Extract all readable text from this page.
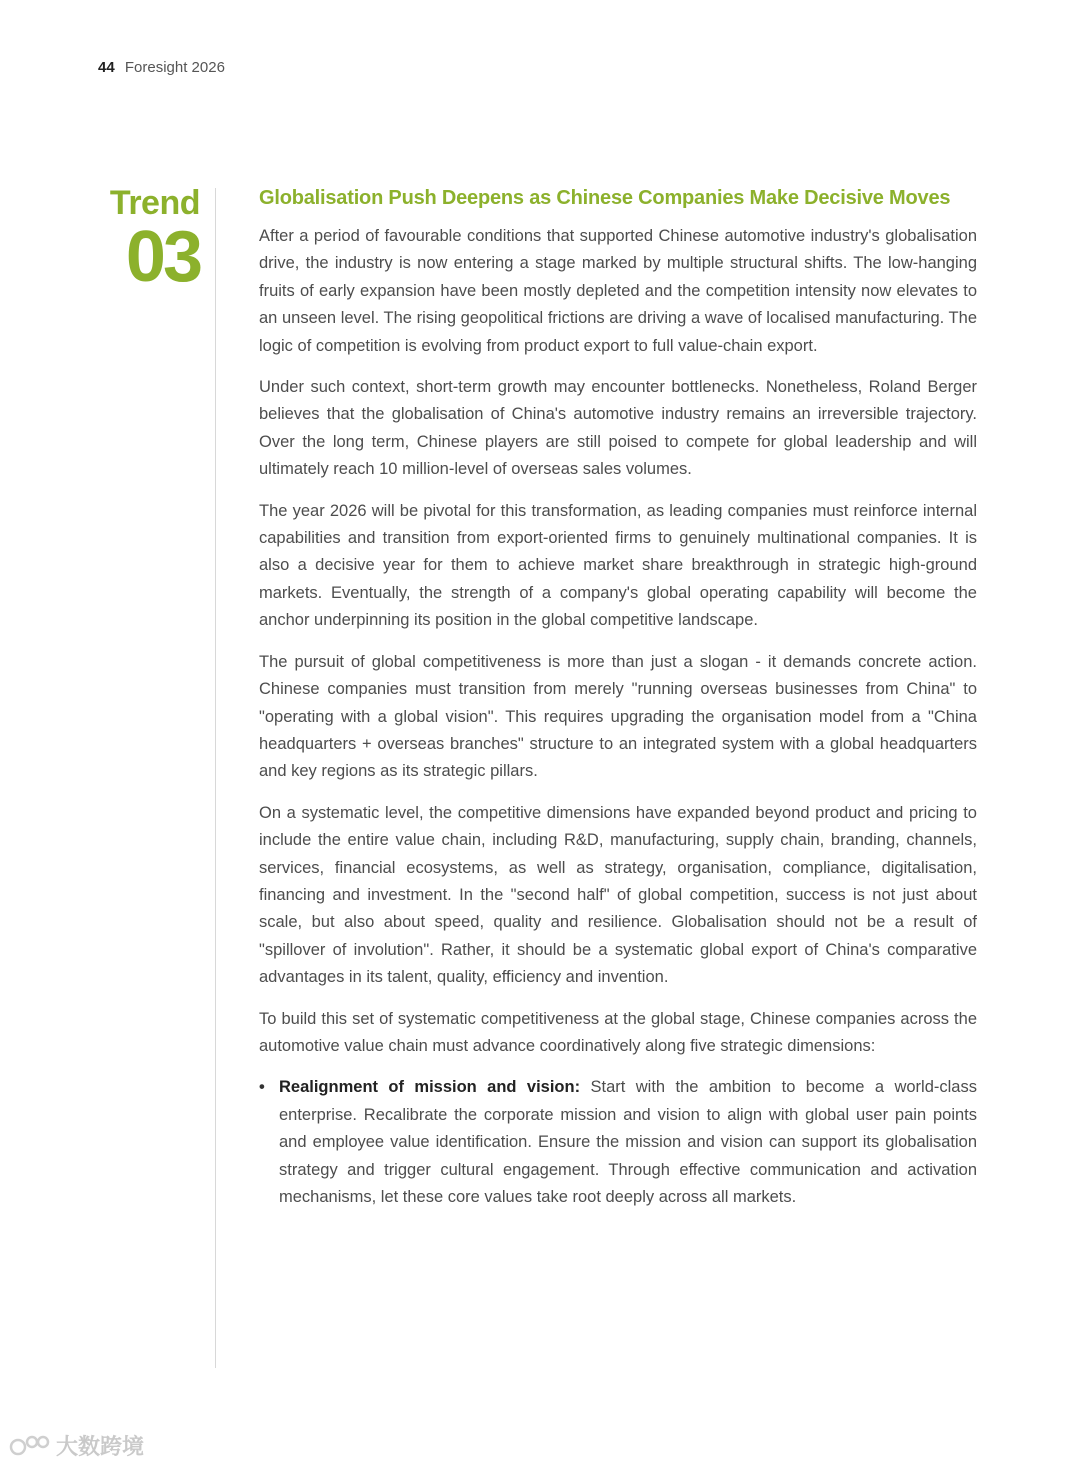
44 Foresight 2026
Trend
03
Globalisation Push Deepens as Chinese Companies Make Decisive Moves

After a period of favourable conditions that supported Chinese automotive industry's globalisation drive, the industry is now entering a stage marked by multiple structural shifts. The low-hanging fruits of early expansion have been mostly depleted and the competition intensity now elevates to an unseen level. The rising geopolitical frictions are driving a wave of localised manufacturing. The logic of competition is evolving from product export to full value-chain export.

Under such context, short-term growth may encounter bottlenecks. Nonetheless, Roland Berger believes that the globalisation of China's automotive industry remains an irreversible trajectory. Over the long term, Chinese players are still poised to compete for global leadership and will ultimately reach 10 million-level of overseas sales volumes.

The year 2026 will be pivotal for this transformation, as leading companies must reinforce internal capabilities and transition from export-oriented firms to genuinely multinational companies. It is also a decisive year for them to achieve market share breakthrough in strategic high-ground markets. Eventually, the strength of a company's global operating capability will become the anchor underpinning its position in the global competitive landscape.

The pursuit of global competitiveness is more than just a slogan - it demands concrete action. Chinese companies must transition from merely "running overseas businesses from China" to "operating with a global vision". This requires upgrading the organisation model from a "China headquarters + overseas branches" structure to an integrated system with a global headquarters and key regions as its strategic pillars.

On a systematic level, the competitive dimensions have expanded beyond product and pricing to include the entire value chain, including R&D, manufacturing, supply chain, branding, channels, services, financial ecosystems, as well as strategy, organisation, compliance, digitalisation, financing and investment. In the "second half" of global competition, success is not just about scale, but also about speed, quality and resilience. Globalisation should not be a result of "spillover of involution". Rather, it should be a systematic global export of China's comparative advantages in its talent, quality, efficiency and invention.

To build this set of systematic competitiveness at the global stage, Chinese companies across the automotive value chain must advance coordinatively along five strategic dimensions:

• Realignment of mission and vision: Start with the ambition to become a world-class enterprise. Recalibrate the corporate mission and vision to align with global user pain points and employee value identification. Ensure the mission and vision can support its globalisation strategy and trigger cultural engagement. Through effective communication and activation mechanisms, let these core values take root deeply across all markets.
大数跨境
